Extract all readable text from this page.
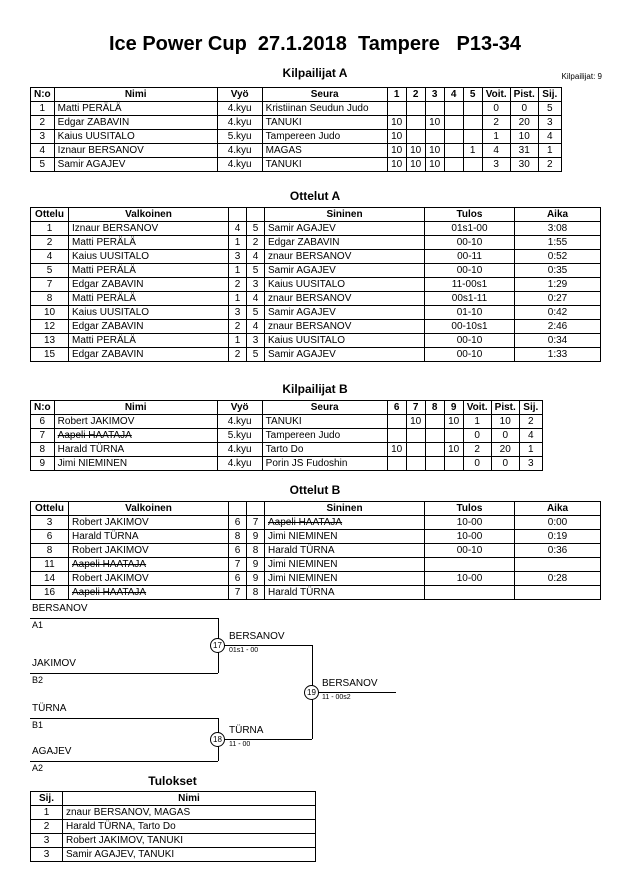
Ice Power Cup  27.1.2018  Tampere   P13-34
Kilpailijat: 9
Kilpailijat A
N:o	Nimi	Vyö	Seura	1	2	3	4	5	Voit.	Pist.	Sij.
1	Matti PERÄLÄ	4.kyu	Kristiinan Seudun Judo						0	0	5
2	Edgar ZABAVIN	4.kyu	TANUKI	10		10			2	20	3
3	Kaius UUSITALO	5.kyu	Tampereen Judo	10					1	10	4
4	Iznaur BERSANOV	4.kyu	MAGAS	10	10	10		1	4	31	1
5	Samir AGAJEV	4.kyu	TANUKI	10	10	10			3	30	2
Ottelut A
Ottelu	Valkoinen			Sininen	Tulos	Aika
1	Iznaur BERSANOV	4	5	Samir AGAJEV	01s1-00	3:08
2	Matti PERÄLÄ	1	2	Edgar ZABAVIN	00-10	1:55
4	Kaius UUSITALO	3	4	znaur BERSANOV	00-11	0:52
5	Matti PERÄLÄ	1	5	Samir AGAJEV	00-10	0:35
7	Edgar ZABAVIN	2	3	Kaius UUSITALO	11-00s1	1:29
8	Matti PERÄLÄ	1	4	znaur BERSANOV	00s1-11	0:27
10	Kaius UUSITALO	3	5	Samir AGAJEV	01-10	0:42
12	Edgar ZABAVIN	2	4	znaur BERSANOV	00-10s1	2:46
13	Matti PERÄLÄ	1	3	Kaius UUSITALO	00-10	0:34
15	Edgar ZABAVIN	2	5	Samir AGAJEV	00-10	1:33
Kilpailijat B
N:o	Nimi	Vyö	Seura	6	7	8	9	Voit.	Pist.	Sij.
6	Robert JAKIMOV	4.kyu	TANUKI		10		10	1	10	2
7	Aapeli HAATAJA	5.kyu	Tampereen Judo					0	0	4
8	Harald TÜRNA	4.kyu	Tarto Do	10			10	2	20	1
9	Jimi NIEMINEN	4.kyu	Porin JS Fudoshin					0	0	3
Ottelut B
Ottelu	Valkoinen			Sininen	Tulos	Aika
3	Robert JAKIMOV	6	7	Aapeli HAATAJA	10-00	0:00
6	Harald TÜRNA	8	9	Jimi NIEMINEN	10-00	0:19
8	Robert JAKIMOV	6	8	Harald TÜRNA	00-10	0:36
11	Aapeli HAATAJA	7	9	Jimi NIEMINEN		
14	Robert JAKIMOV	6	9	Jimi NIEMINEN	10-00	0:28
16	Aapeli HAATAJA	7	8	Harald TÜRNA		
BERSANOV
A1
JAKIMOV
B2
17
BERSANOV
01s1 - 00
TÜRNA
B1
AGAJEV
A2
18
TÜRNA
11 - 00
19
BERSANOV
11 - 00s2
Tulokset
Sij.	Nimi
1	znaur BERSANOV, MAGAS
2	Harald TÜRNA, Tarto Do
3	Robert JAKIMOV, TANUKI
3	Samir AGAJEV, TANUKI
